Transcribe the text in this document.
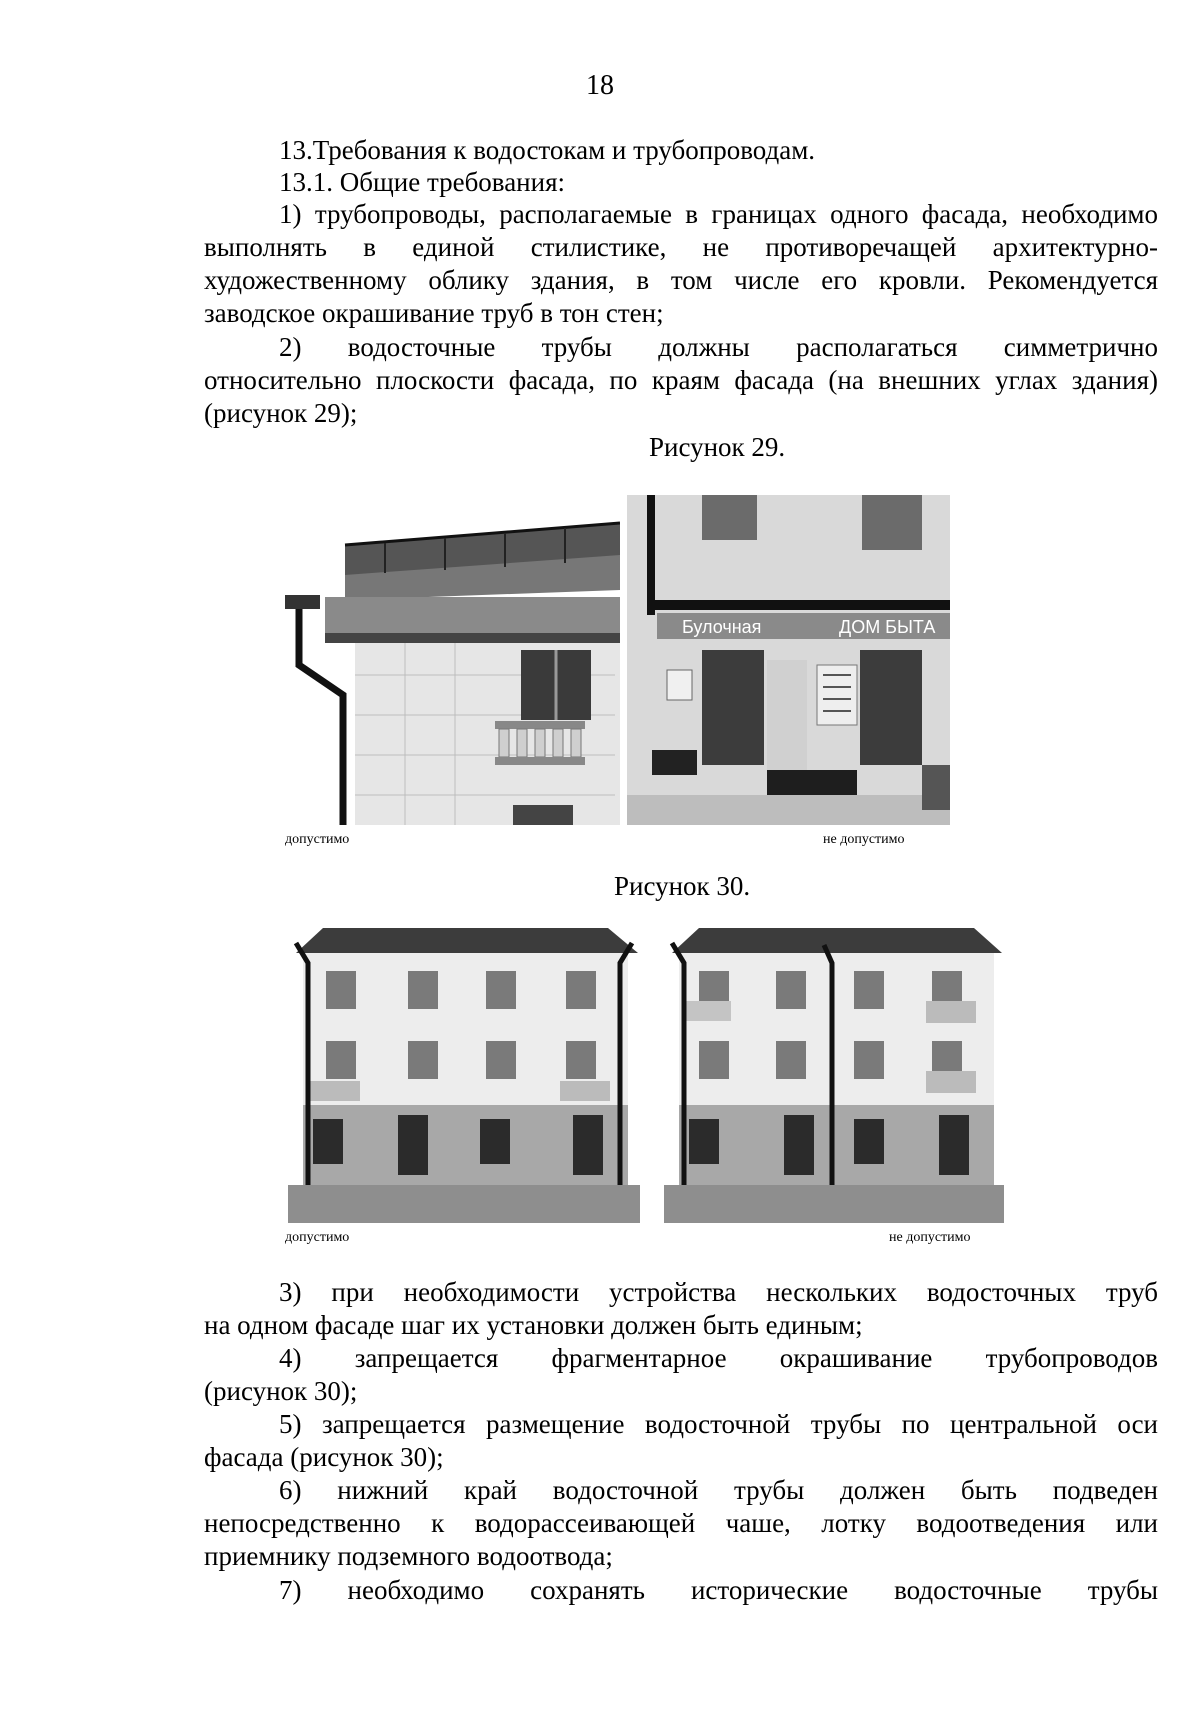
18
13.Требования к водостокам и трубопроводам.
13.1. Общие требования:
1) трубопроводы, располагаемые в границах одного фасада, необходимо
выполнять в единой стилистике, не противоречащей архитектурно-
художественному облику здания, в том числе его кровли. Рекомендуется
заводское окрашивание труб в тон стен;
2) водосточные трубы должны располагаться симметрично
относительно плоскости фасада, по краям фасада (на внешних углах здания)
(рисунок 29);
Рисунок 29.
допустимо
Булочная	ДОМ БЫТА
не допустимо
Рисунок 30.
допустимо	не допустимо
3) при необходимости устройства нескольких водосточных труб
на одном фасаде шаг их установки должен быть единым;
4) запрещается фрагментарное окрашивание трубопроводов
(рисунок 30);
5) запрещается размещение водосточной трубы по центральной оси
фасада (рисунок 30);
6) нижний край водосточной трубы должен быть подведен
непосредственно к водорассеивающей чаше, лотку водоотведения или
приемнику подземного водоотвода;
7) необходимо сохранять исторические водосточные трубы
